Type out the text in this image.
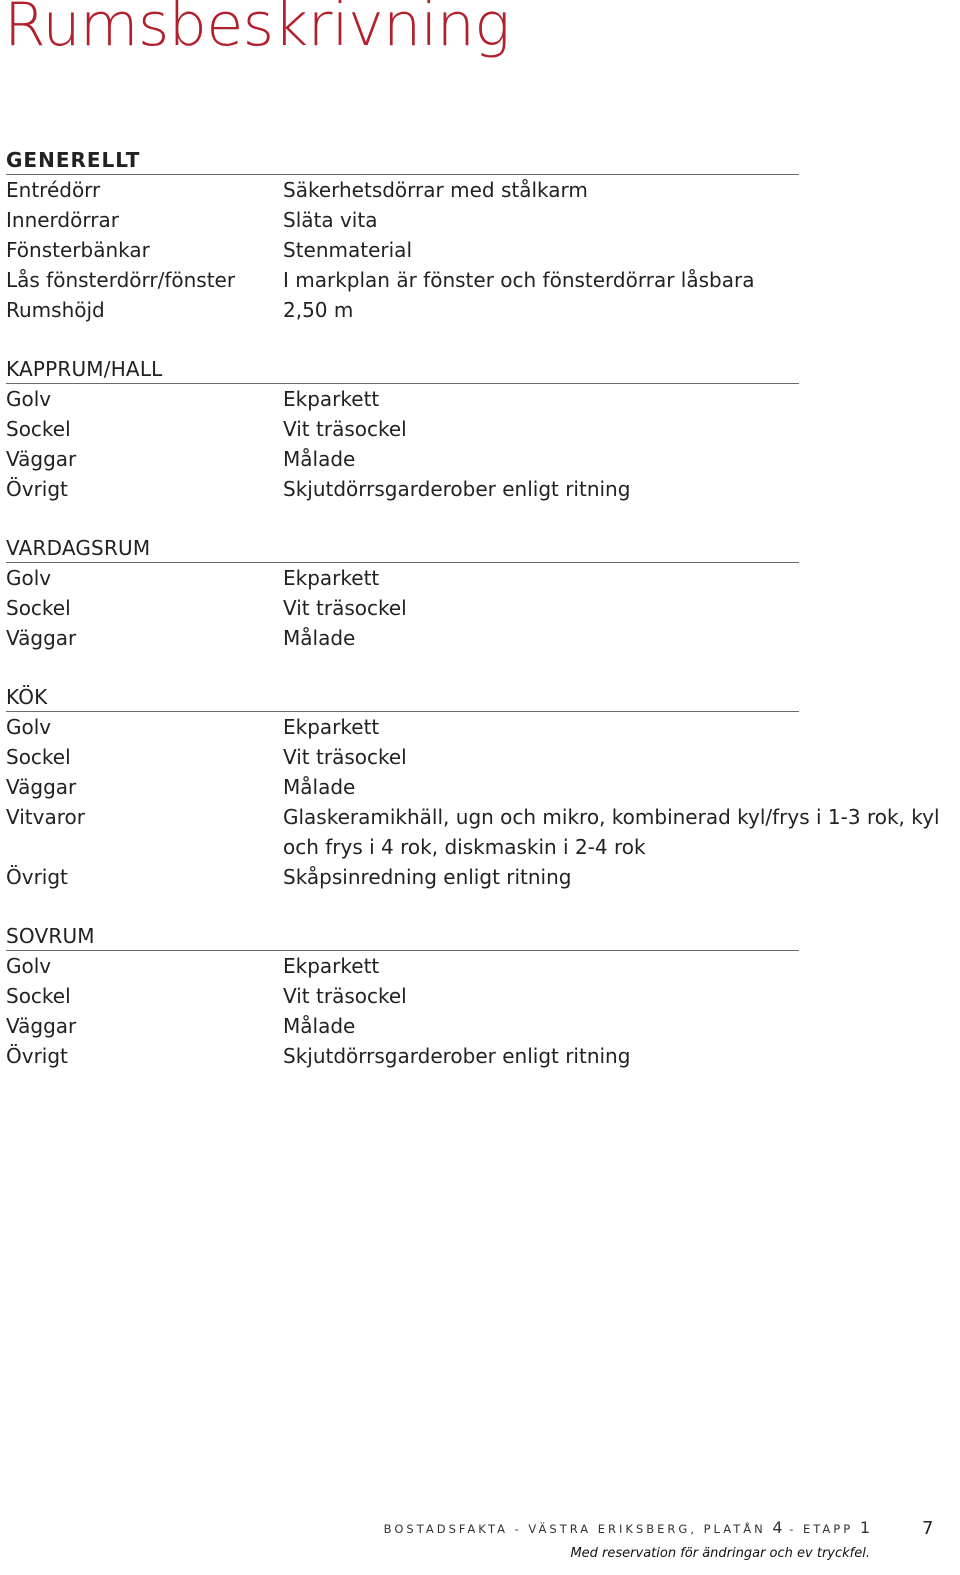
Rumsbeskrivning
GENERELLT
Entrédörr	Säkerhetsdörrar med stålkarm
Innerdörrar	Släta vita
Fönsterbänkar	Stenmaterial
Lås fönsterdörr/fönster	I markplan är fönster och fönsterdörrar låsbara
Rumshöjd	2,50 m
KAPPRUM/HALL
Golv	Ekparkett
Sockel	Vit träsockel
Väggar	Målade
Övrigt	Skjutdörrsgarderober enligt ritning
VARDAGSRUM
Golv	Ekparkett
Sockel	Vit träsockel
Väggar	Målade
KÖK
Golv	Ekparkett
Sockel	Vit träsockel
Väggar	Målade
Vitvaror	Glaskeramikhäll, ugn och mikro, kombinerad kyl/frys i 1-3 rok, kyl och frys i 4 rok, diskmaskin i 2-4 rok
Övrigt	Skåpsinredning enligt ritning
SOVRUM
Golv	Ekparkett
Sockel	Vit träsockel
Väggar	Målade
Övrigt	Skjutdörrsgarderober enligt ritning
BOSTADSFAKTA - VÄSTRA ERIKSBERG, PLATÅN 4 - ETAPP 1	7
Med reservation för ändringar och ev tryckfel.
